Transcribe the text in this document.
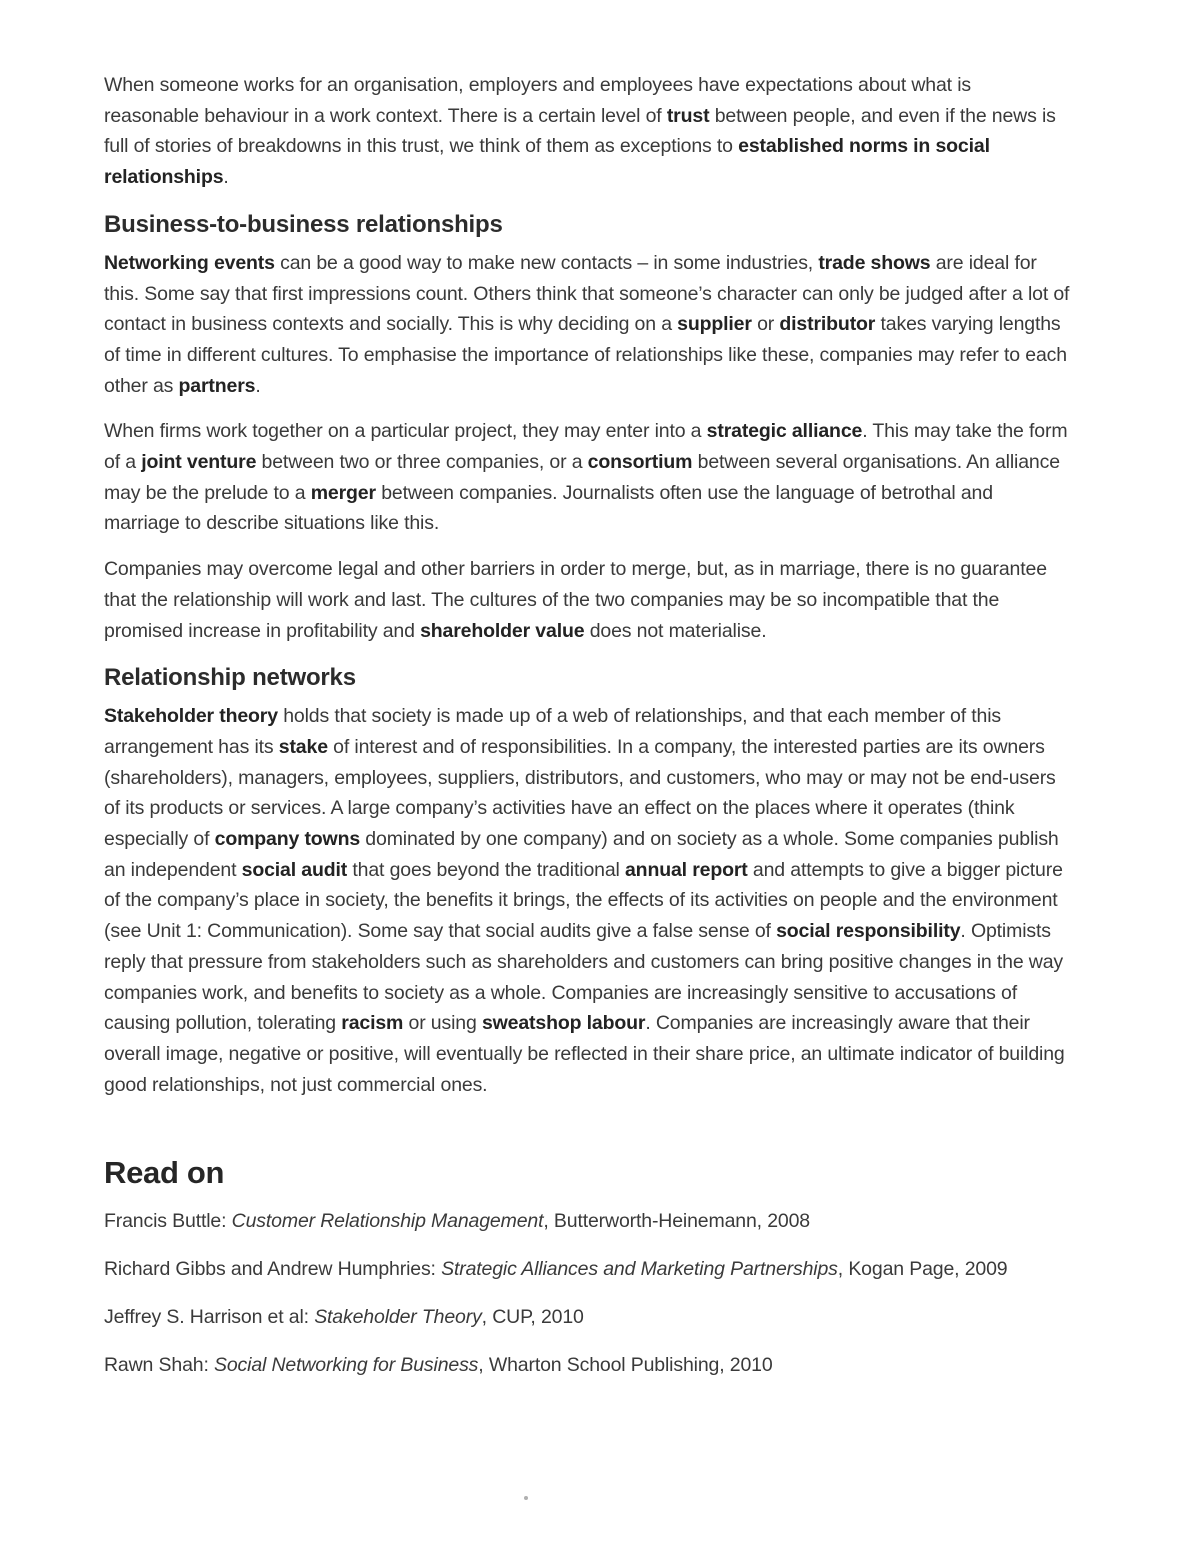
When someone works for an organisation, employers and employees have expectations about what is reasonable behaviour in a work context. There is a certain level of trust between people, and even if the news is full of stories of breakdowns in this trust, we think of them as exceptions to established norms in social relationships.

Business-to-business relationships

Networking events can be a good way to make new contacts – in some industries, trade shows are ideal for this. Some say that first impressions count. Others think that someone’s character can only be judged after a lot of contact in business contexts and socially. This is why deciding on a supplier or distributor takes varying lengths of time in different cultures. To emphasise the importance of relationships like these, companies may refer to each other as partners.

When firms work together on a particular project, they may enter into a strategic alliance. This may take the form of a joint venture between two or three companies, or a consortium between several organisations. An alliance may be the prelude to a merger between companies. Journalists often use the language of betrothal and marriage to describe situations like this.

Companies may overcome legal and other barriers in order to merge, but, as in marriage, there is no guarantee that the relationship will work and last. The cultures of the two companies may be so incompatible that the promised increase in profitability and shareholder value does not materialise.

Relationship networks

Stakeholder theory holds that society is made up of a web of relationships, and that each member of this arrangement has its stake of interest and of responsibilities. In a company, the interested parties are its owners (shareholders), managers, employees, suppliers, distributors, and customers, who may or may not be end-users of its products or services. A large company’s activities have an effect on the places where it operates (think especially of company towns dominated by one company) and on society as a whole. Some companies publish an independent social audit that goes beyond the traditional annual report and attempts to give a bigger picture of the company’s place in society, the benefits it brings, the effects of its activities on people and the environment (see Unit 1: Communication). Some say that social audits give a false sense of social responsibility. Optimists reply that pressure from stakeholders such as shareholders and customers can bring positive changes in the way companies work, and benefits to society as a whole. Companies are increasingly sensitive to accusations of causing pollution, tolerating racism or using sweatshop labour. Companies are increasingly aware that their overall image, negative or positive, will eventually be reflected in their share price, an ultimate indicator of building good relationships, not just commercial ones.

Read on

Francis Buttle: Customer Relationship Management, Butterworth-Heinemann, 2008

Richard Gibbs and Andrew Humphries: Strategic Alliances and Marketing Partnerships, Kogan Page, 2009

Jeffrey S. Harrison et al: Stakeholder Theory, CUP, 2010

Rawn Shah: Social Networking for Business, Wharton School Publishing, 2010
